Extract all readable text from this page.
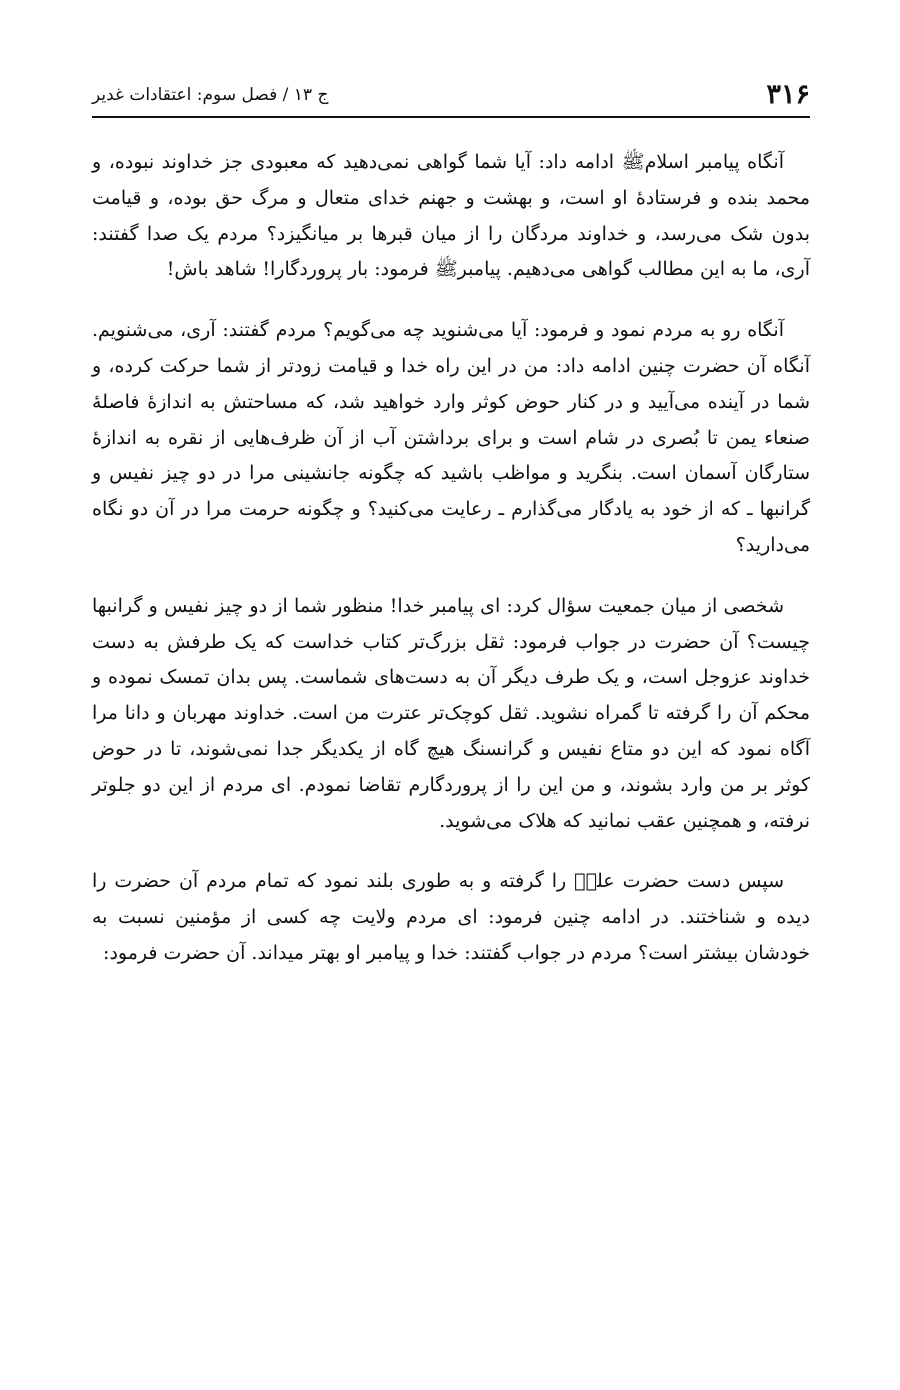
۳۱۶
ج ۱۳ / فصل سوم: اعتقادات غدیر

آنگاه پیامبر اسلامﷺ ادامه داد: آیا شما گواهی نمی‌دهید که معبودی جز خداوند نبوده، و محمد بنده و فرستادهٔ او است، و بهشت و جهنم خدای متعال و مرگ حق بوده، و قیامت بدون شک می‌رسد، و خداوند مردگان را از میان قبرها بر میانگیزد؟ مردم یک صدا گفتند: آری، ما به این مطالب گواهی می‌دهیم. پیامبرﷺ فرمود: بار پروردگارا! شاهد باش!

آنگاه رو به مردم نمود و فرمود: آیا می‌شنوید چه می‌گویم؟ مردم گفتند: آری، می‌شنویم. آنگاه آن حضرت چنین ادامه داد: من در این راه خدا و قیامت زودتر از شما حرکت کرده، و شما در آینده می‌آیید و در کنار حوض کوثر وارد خواهید شد، که مساحتش به اندازهٔ فاصلهٔ صنعاء یمن تا بُصری در شام است و برای برداشتن آب از آن ظرف‌هایی از نقره به اندازهٔ ستارگان آسمان است. بنگرید و مواظب باشید که چگونه جانشینی مرا در دو چیز نفیس و گرانبها ـ که از خود به یادگار می‌گذارم ـ رعایت می‌کنید؟ و چگونه حرمت مرا در آن دو نگاه می‌دارید؟

شخصی از میان جمعیت سؤال کرد: ای پیامبر خدا! منظور شما از دو چیز نفیس و گرانبها چیست؟ آن حضرت در جواب فرمود: ثقل بزرگ‌تر کتاب خداست که یک طرفش به دست خداوند عزوجل است، و یک طرف دیگر آن به دست‌های شماست. پس بدان تمسک نموده و محکم آن را گرفته تا گمراه نشوید. ثقل کوچک‌تر عترت من است. خداوند مهربان و دانا مرا آگاه نمود که این دو متاع نفیس و گرانسنگ هیچ گاه از یکدیگر جدا نمی‌شوند، تا در حوض کوثر بر من وارد بشوند، و من این را از پروردگارم تقاضا نمودم. ای مردم از این دو جلوتر نرفته، و همچنین عقب نمانید که هلاک می‌شوید.

سپس دست حضرت علیؑ را گرفته و به طوری بلند نمود که تمام مردم آن حضرت را دیده و شناختند. در ادامه چنین فرمود: ای مردم ولایت چه کسی از مؤمنین نسبت به خودشان بیشتر است؟ مردم در جواب گفتند: خدا و پیامبر او بهتر میداند. آن حضرت فرمود:
